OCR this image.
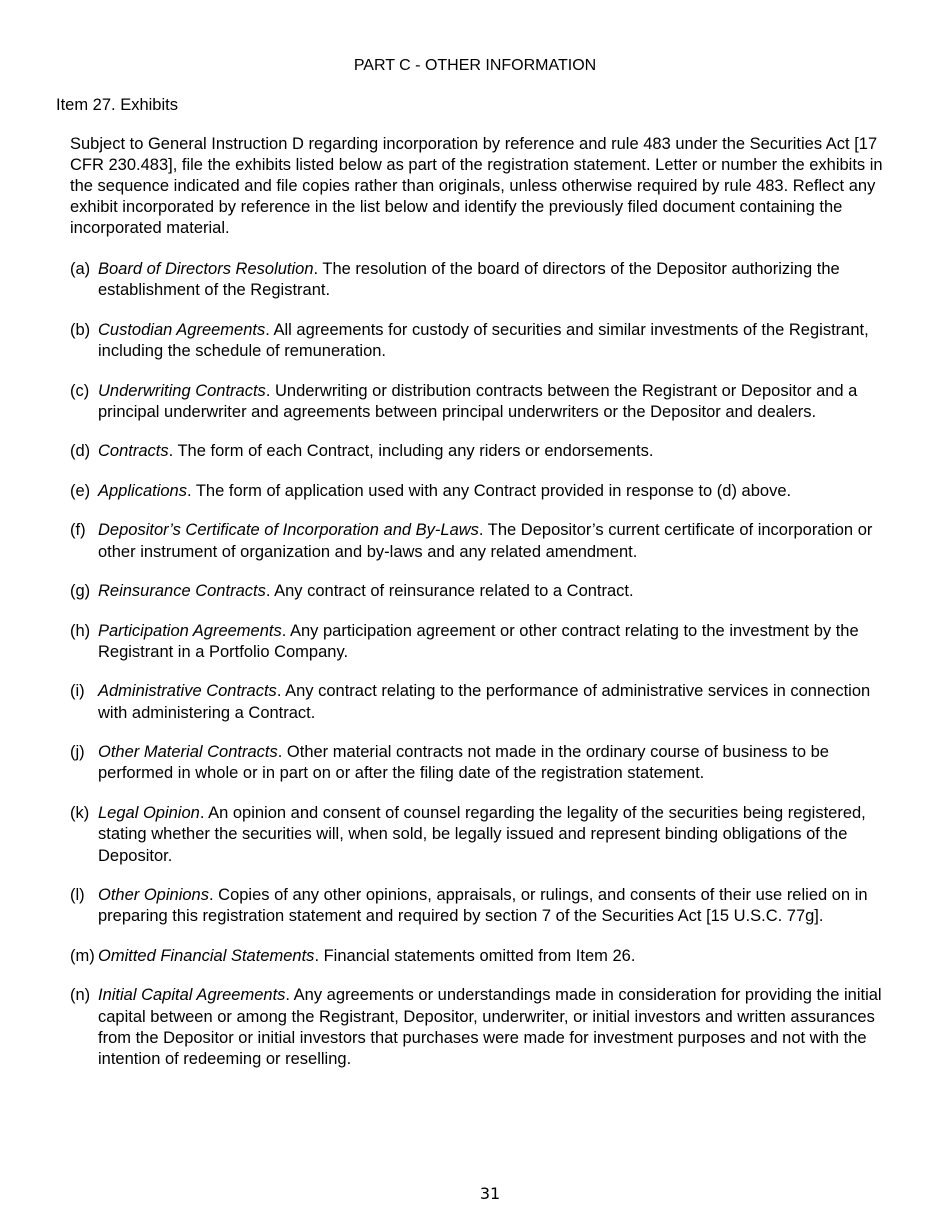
PART C - OTHER INFORMATION
Item 27. Exhibits

Subject to General Instruction D regarding incorporation by reference and rule 483 under the Securities Act [17 CFR 230.483], file the exhibits listed below as part of the registration statement. Letter or number the exhibits in the sequence indicated and file copies rather than originals, unless otherwise required by rule 483. Reflect any exhibit incorporated by reference in the list below and identify the previously filed document containing the incorporated material.

(a) Board of Directors Resolution. The resolution of the board of directors of the Depositor authorizing the establishment of the Registrant.
(b) Custodian Agreements. All agreements for custody of securities and similar investments of the Registrant, including the schedule of remuneration.
(c) Underwriting Contracts. Underwriting or distribution contracts between the Registrant or Depositor and a principal underwriter and agreements between principal underwriters or the Depositor and dealers.
(d) Contracts. The form of each Contract, including any riders or endorsements.
(e) Applications. The form of application used with any Contract provided in response to (d) above.
(f) Depositor’s Certificate of Incorporation and By-Laws. The Depositor’s current certificate of incorporation or other instrument of organization and by-laws and any related amendment.
(g) Reinsurance Contracts. Any contract of reinsurance related to a Contract.
(h) Participation Agreements. Any participation agreement or other contract relating to the investment by the Registrant in a Portfolio Company.
(i) Administrative Contracts. Any contract relating to the performance of administrative services in connection with administering a Contract.
(j) Other Material Contracts. Other material contracts not made in the ordinary course of business to be performed in whole or in part on or after the filing date of the registration statement.
(k) Legal Opinion. An opinion and consent of counsel regarding the legality of the securities being registered, stating whether the securities will, when sold, be legally issued and represent binding obligations of the Depositor.
(l) Other Opinions. Copies of any other opinions, appraisals, or rulings, and consents of their use relied on in preparing this registration statement and required by section 7 of the Securities Act [15 U.S.C. 77g].
(m) Omitted Financial Statements. Financial statements omitted from Item 26.
(n) Initial Capital Agreements. Any agreements or understandings made in consideration for providing the initial capital between or among the Registrant, Depositor, underwriter, or initial investors and written assurances from the Depositor or initial investors that purchases were made for investment purposes and not with the intention of redeeming or reselling.
31
